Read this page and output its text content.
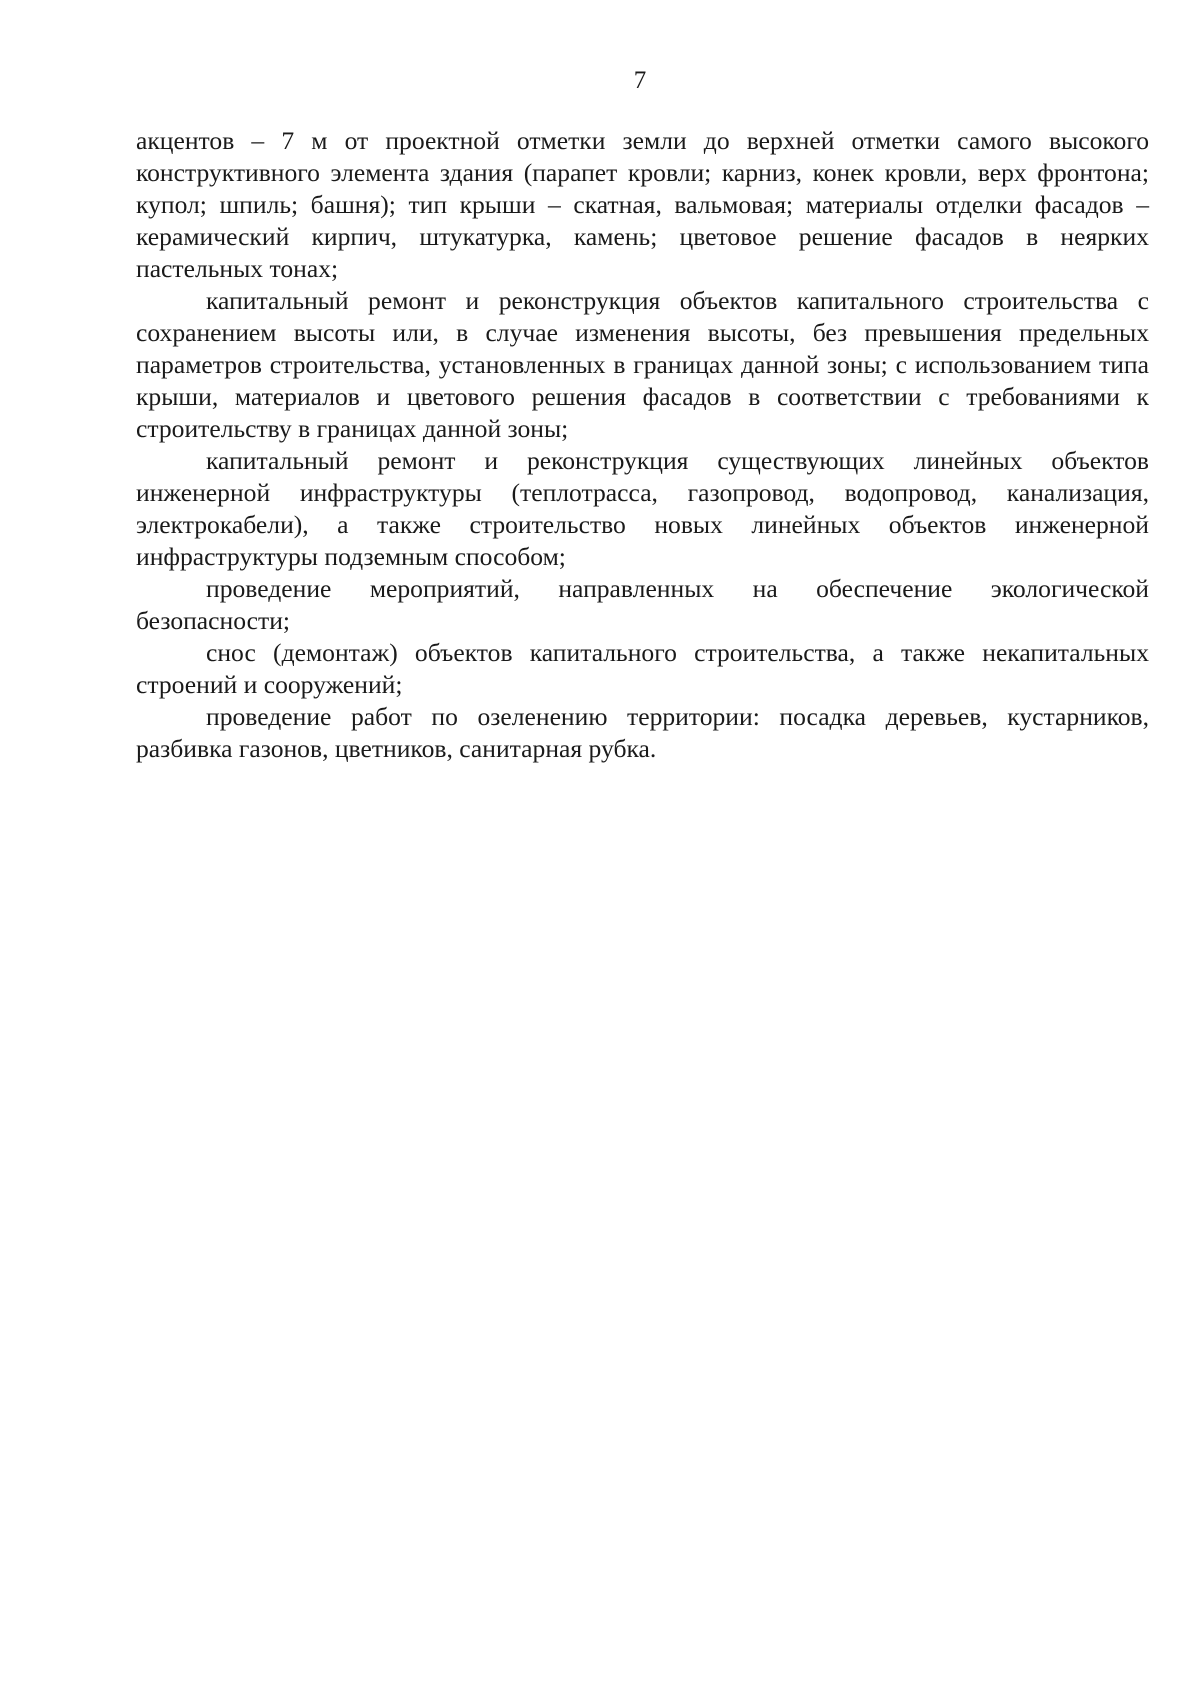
7

акцентов – 7 м от проектной отметки земли до верхней отметки самого высокого конструктивного элемента здания (парапет кровли; карниз, конек кровли, верх фронтона; купол; шпиль; башня); тип крыши – скатная, вальмовая; материалы отделки фасадов – керамический кирпич, штукатурка, камень; цветовое решение фасадов в неярких пастельных тонах;

капитальный ремонт и реконструкция объектов капитального строительства с сохранением высоты или, в случае изменения высоты, без превышения предельных параметров строительства, установленных в границах данной зоны; с использованием типа крыши, материалов и цветового решения фасадов в соответствии с требованиями к строительству в границах данной зоны;

капитальный ремонт и реконструкция существующих линейных объектов инженерной инфраструктуры (теплотрасса, газопровод, водопровод, канализация, электрокабели), а также строительство новых линейных объектов инженерной инфраструктуры подземным способом;

проведение мероприятий, направленных на обеспечение экологической безопасности;

снос (демонтаж) объектов капитального строительства, а также некапитальных строений и сооружений;

проведение работ по озеленению территории: посадка деревьев, кустарников, разбивка газонов, цветников, санитарная рубка.
